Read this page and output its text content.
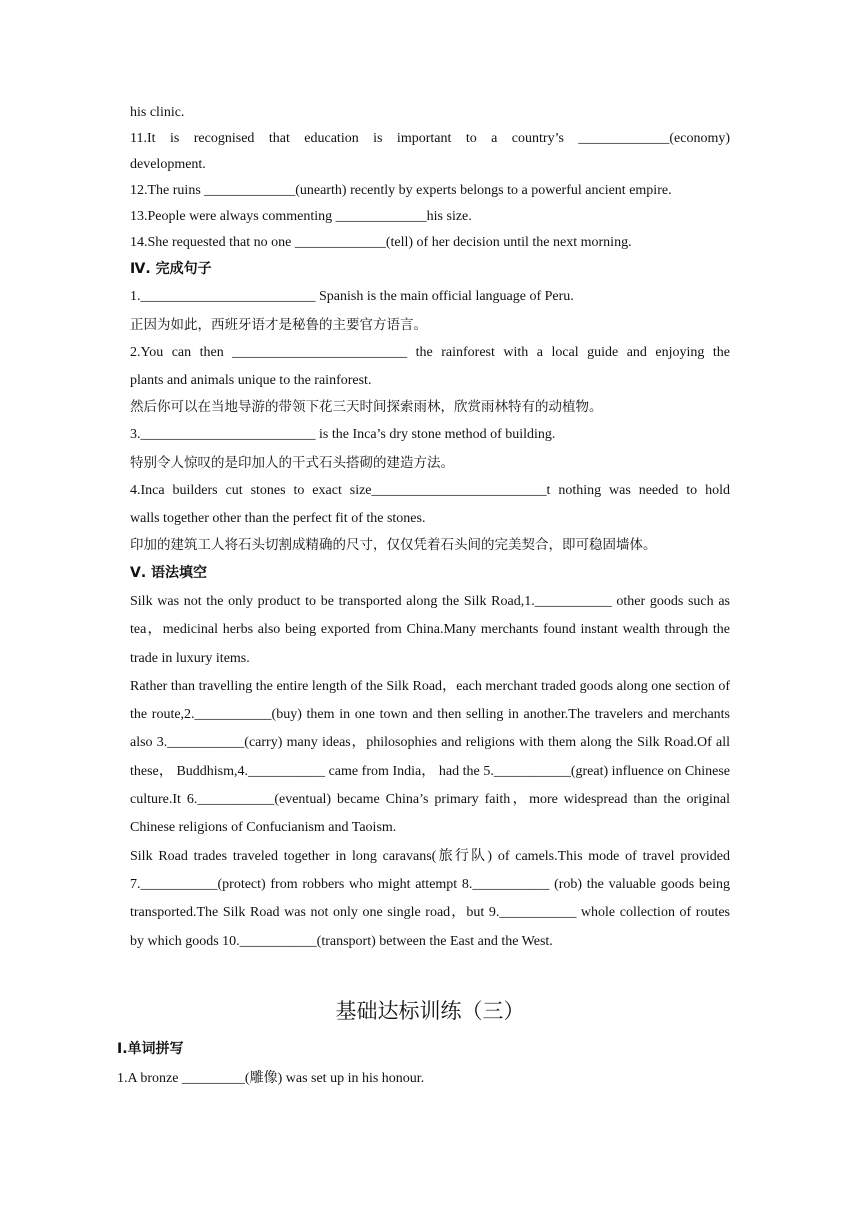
his clinic.

11.It is recognised that education is important to a country’s _____________(economy)

development.

12.The ruins _____________(unearth) recently by experts belongs to a powerful ancient empire.

13.People were always commenting _____________his size.

14.She requested that no one _____________(tell) of her decision until the next morning.

Ⅳ. 完成句子

1._________________________ Spanish is the main official language of Peru.

正因为如此，西班牙语才是秘鲁的主要官方语言。

2.You can then _________________________ the rainforest with a local guide and enjoying the

plants and animals unique to the rainforest.

然后你可以在当地导游的带领下花三天时间探索雨林，欣赏雨林特有的动植物。

3._________________________ is the Inca’s dry stone method of building.

特别令人惊叹的是印加人的干式石头搭砌的建造方法。

4.Inca builders cut stones to exact size_________________________t nothing was needed to hold

walls together other than the perfect fit of the stones.

印加的建筑工人将石头切割成精确的尺寸，仅仅凭着石头间的完美契合，即可稳固墙体。

Ⅴ. 语法填空

Silk was not the only product to be transported along the Silk Road,1.___________ other goods such as tea，medicinal herbs also being exported from China.Many merchants found instant wealth through the trade in luxury items.

Rather than travelling the entire length of the Silk Road，each merchant traded goods along one section of the route,2.___________(buy) them in one town and then selling in another.The travelers and merchants also 3.___________(carry) many ideas，philosophies and religions with them along the Silk Road.Of all these， Buddhism,4.___________ came from India， had the 5.___________(great) influence on Chinese culture.It 6.___________(eventual) became China’s primary faith，more widespread than the original Chinese religions of Confucianism and Taoism.

Silk Road trades traveled together in long caravans(旅行队) of camels.This mode of travel provided 7.___________(protect) from robbers who might attempt 8.___________ (rob) the valuable goods being transported.The Silk Road was not only one single road，but 9.___________ whole collection of routes by which goods 10.___________(transport) between the East and the West.

基础达标训练（三）

I.单词拼写

1.A bronze _________(雕像) was set up in his honour.
